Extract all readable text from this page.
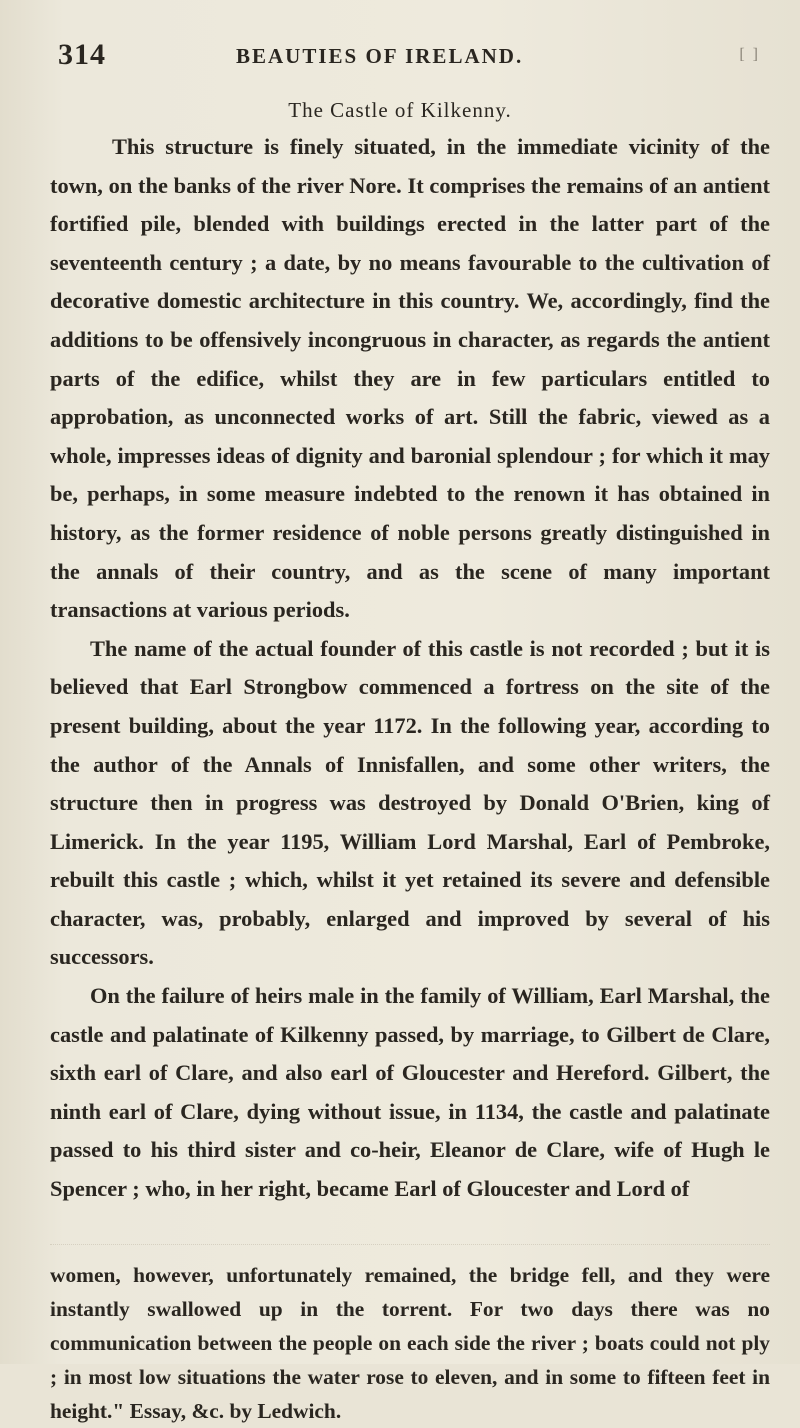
314	BEAUTIES OF IRELAND.	[ ]
The Castle of Kilkenny.

This structure is finely situated, in the immediate vicinity of the town, on the banks of the river Nore. It comprises the remains of an antient fortified pile, blended with buildings erected in the latter part of the seventeenth century ; a date, by no means favourable to the cultivation of decorative domestic architecture in this country. We, accordingly, find the additions to be offensively incongruous in character, as regards the antient parts of the edifice, whilst they are in few particulars entitled to approbation, as unconnected works of art. Still the fabric, viewed as a whole, impresses ideas of dignity and baronial splendour ; for which it may be, perhaps, in some measure indebted to the renown it has obtained in history, as the former residence of noble persons greatly distinguished in the annals of their country, and as the scene of many important transactions at various periods.

The name of the actual founder of this castle is not recorded ; but it is believed that Earl Strongbow commenced a fortress on the site of the present building, about the year 1172. In the following year, according to the author of the Annals of Innisfallen, and some other writers, the structure then in progress was destroyed by Donald O'Brien, king of Limerick. In the year 1195, William Lord Marshal, Earl of Pembroke, rebuilt this castle ; which, whilst it yet retained its severe and defensible character, was, probably, enlarged and improved by several of his successors.

On the failure of heirs male in the family of William, Earl Marshal, the castle and palatinate of Kilkenny passed, by marriage, to Gilbert de Clare, sixth earl of Clare, and also earl of Gloucester and Hereford. Gilbert, the ninth earl of Clare, dying without issue, in 1134, the castle and palatinate passed to his third sister and co-heir, Eleanor de Clare, wife of Hugh le Spencer ; who, in her right, became Earl of Gloucester and Lord of

women, however, unfortunately remained, the bridge fell, and they were instantly swallowed up in the torrent. For two days there was no communication between the people on each side the river ; boats could not ply ; in most low situations the water rose to eleven, and in some to fifteen feet in height." Essay, &c. by Ledwich.
